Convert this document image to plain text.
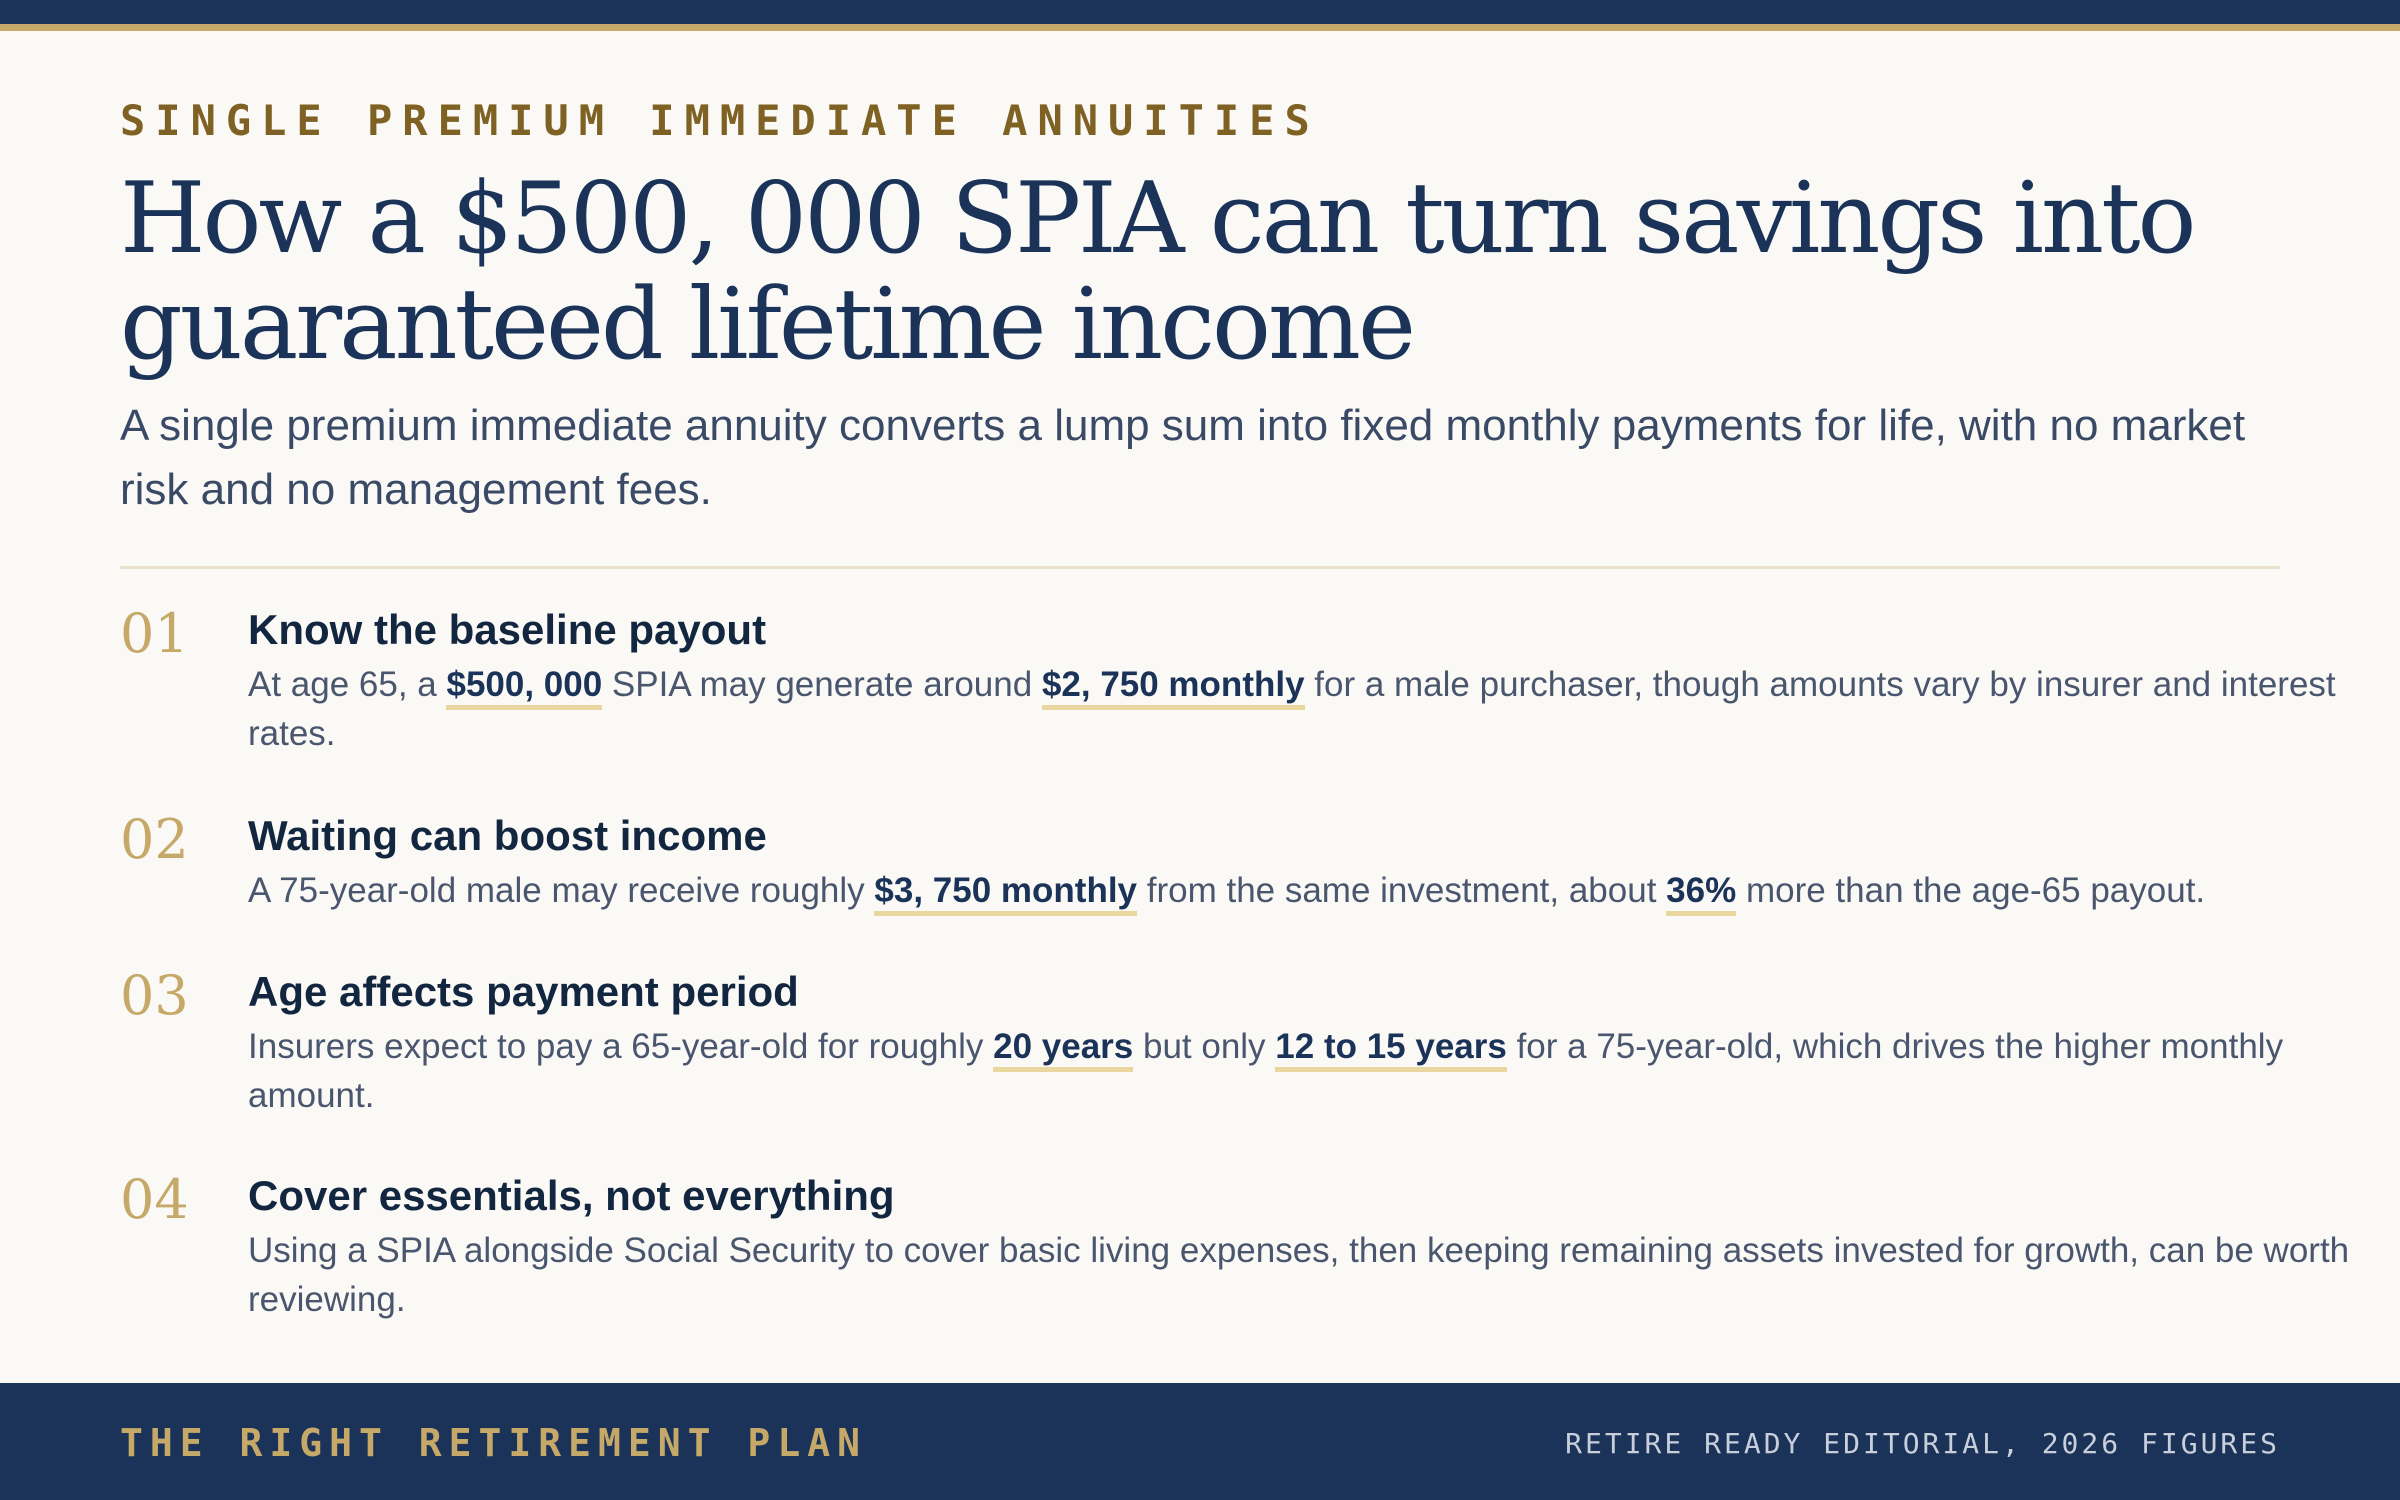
SINGLE PREMIUM IMMEDIATE ANNUITIES
How a $500, 000 SPIA can turn savings into guaranteed lifetime income

A single premium immediate annuity converts a lump sum into fixed monthly payments for life, with no market risk and no management fees.

01 Know the baseline payout

At age 65, a $500, 000 SPIA may generate around $2, 750 monthly for a male purchaser, though amounts vary by insurer and interest rates.

02 Waiting can boost income

A 75-year-old male may receive roughly $3, 750 monthly from the same investment, about 36% more than the age-65 payout.

03 Age affects payment period

Insurers expect to pay a 65-year-old for roughly 20 years but only 12 to 15 years for a 75-year-old, which drives the higher monthly amount.

04 Cover essentials, not everything

Using a SPIA alongside Social Security to cover basic living expenses, then keeping remaining assets invested for growth, can be worth reviewing.

THE RIGHT RETIREMENT PLAN	RETIRE READY EDITORIAL, 2026 FIGURES
